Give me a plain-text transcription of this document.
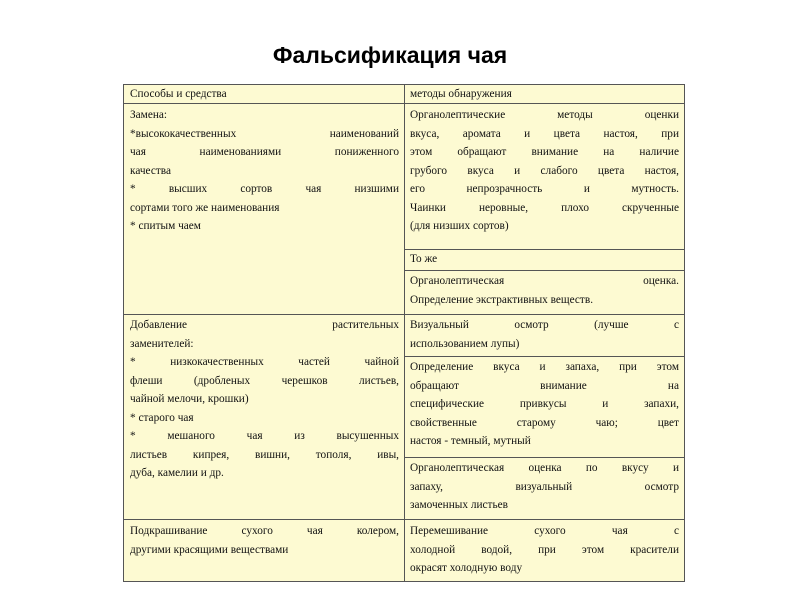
Фальсификация чая
Способы и средства	методы обнаружения
Замена:
*высококачественных наименований
чая наименованиями пониженного
качества
* высших сортов чая низшими
сортами того же наименования
* спитым чаем
Добавление растительных
заменителей:
* низкокачественных частей чайной
флеши (дробленых черешков листьев,
чайной мелочи, крошки)
* старого чая
* мешаного чая из высушенных
листьев кипрея, вишни, тополя, ивы,
дуба, камелии и др.
Подкрашивание сухого чая колером,
другими красящими веществами
Органолептические методы оценки
вкуса, аромата и цвета настоя, при
этом обращают внимание на наличие
грубого вкуса и слабого цвета настоя,
его непрозрачность и мутность.
Чаинки неровные, плохо скрученные
(для низших сортов)
То же
Органолептическая оценка.
Определение экстрактивных веществ.
Визуальный осмотр (лучше с
использованием лупы)
Определение вкуса и запаха, при этом
обращают внимание на
специфические привкусы и запахи,
свойственные старому чаю; цвет
настоя - темный, мутный
Органолептическая оценка по вкусу и
запаху, визуальный осмотр
замоченных листьев
Перемешивание сухого чая с
холодной водой, при этом красители
окрасят холодную воду
